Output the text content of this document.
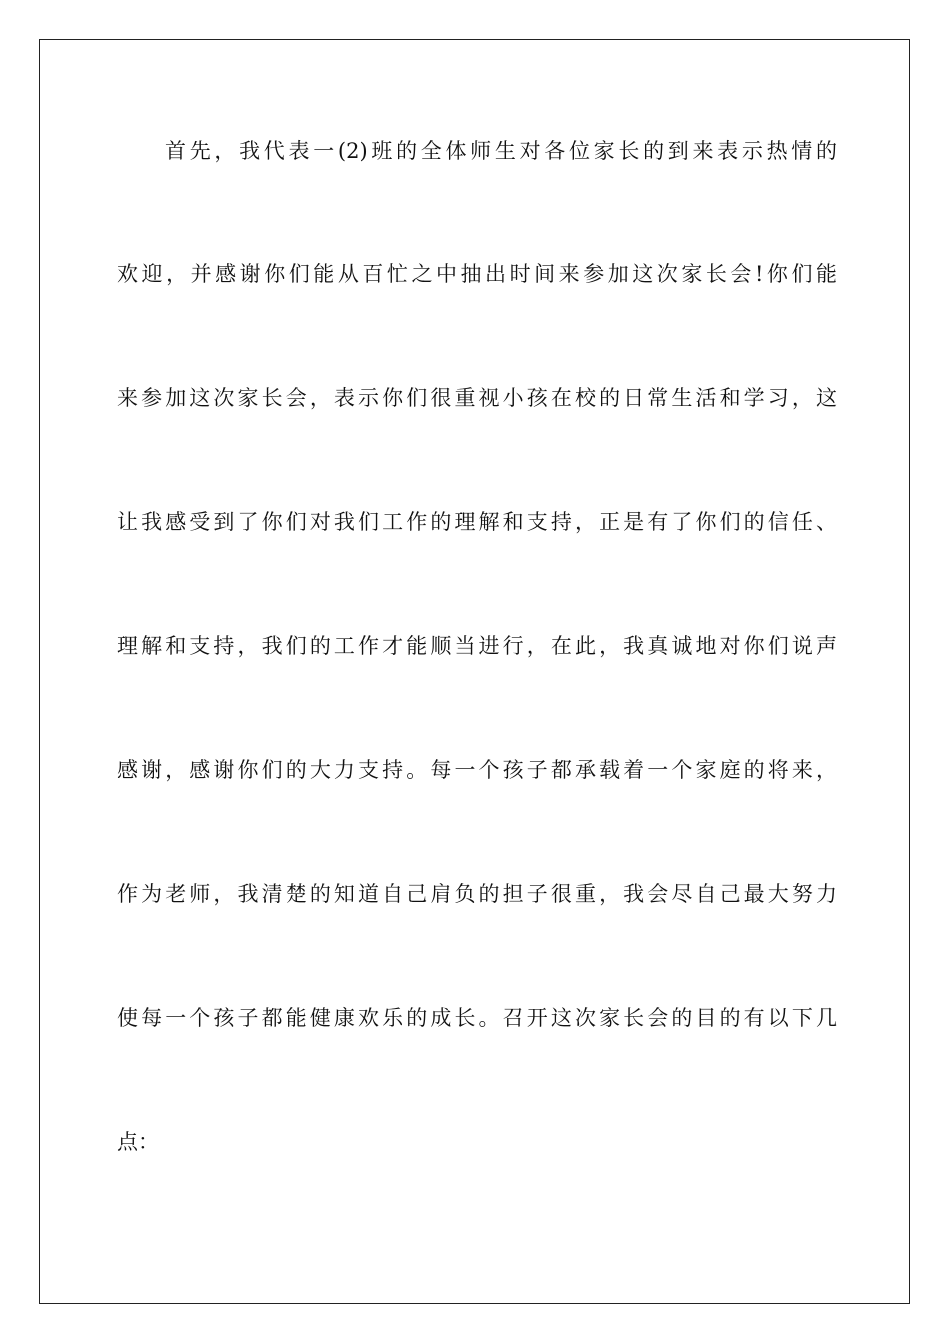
首先，我代表一(2)班的全体师生对各位家长的到来表示热情的
欢迎，并感谢你们能从百忙之中抽出时间来参加这次家长会!你们能
来参加这次家长会，表示你们很重视小孩在校的日常生活和学习，这
让我感受到了你们对我们工作的理解和支持，正是有了你们的信任、
理解和支持，我们的工作才能顺当进行，在此，我真诚地对你们说声
感谢，感谢你们的大力支持。每一个孩子都承载着一个家庭的将来，
作为老师，我清楚的知道自己肩负的担子很重，我会尽自己最大努力
使每一个孩子都能健康欢乐的成长。召开这次家长会的目的有以下几
点：
